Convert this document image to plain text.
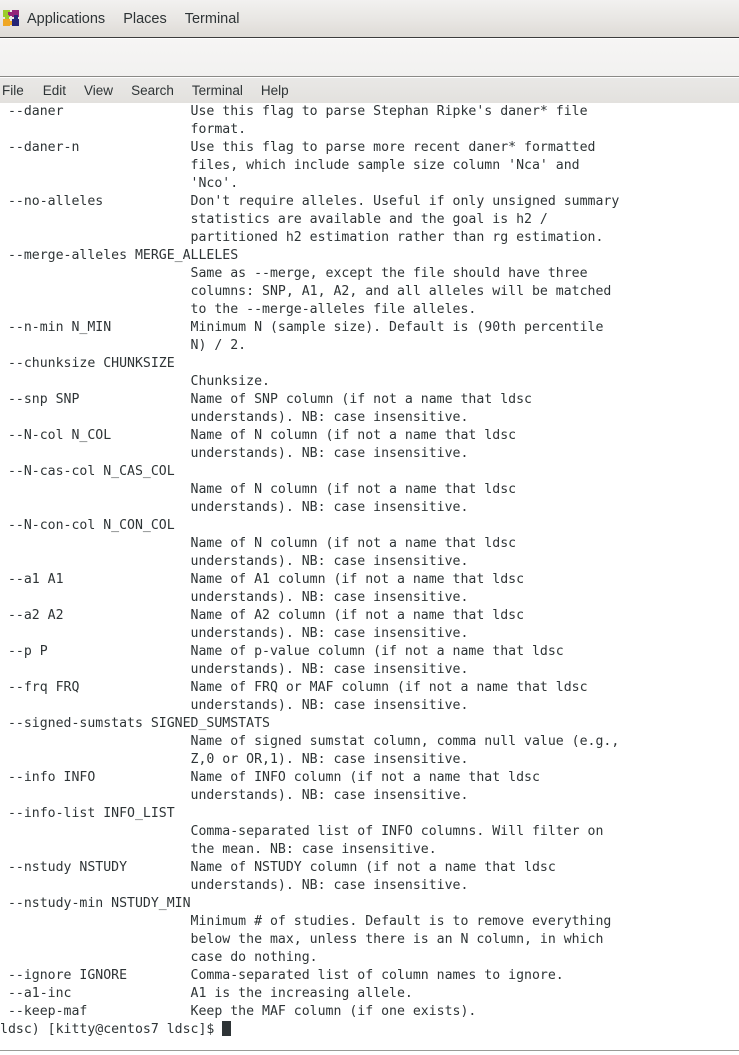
Applications Places Terminal
File	Edit	View	Search	Terminal	Help
--daner                Use this flag to parse Stephan Ripke's daner* file
format.
--daner-n              Use this flag to parse more recent daner* formatted
files, which include sample size column 'Nca' and
'Nco'.
--no-alleles           Don't require alleles. Useful if only unsigned summary
statistics are available and the goal is h2 /
partitioned h2 estimation rather than rg estimation.
--merge-alleles MERGE_ALLELES
Same as --merge, except the file should have three
columns: SNP, A1, A2, and all alleles will be matched
to the --merge-alleles file alleles.
--n-min N_MIN          Minimum N (sample size). Default is (90th percentile
N) / 2.
--chunksize CHUNKSIZE
Chunksize.
--snp SNP              Name of SNP column (if not a name that ldsc
understands). NB: case insensitive.
--N-col N_COL          Name of N column (if not a name that ldsc
understands). NB: case insensitive.
--N-cas-col N_CAS_COL
Name of N column (if not a name that ldsc
understands). NB: case insensitive.
--N-con-col N_CON_COL
Name of N column (if not a name that ldsc
understands). NB: case insensitive.
--a1 A1                Name of A1 column (if not a name that ldsc
understands). NB: case insensitive.
--a2 A2                Name of A2 column (if not a name that ldsc
understands). NB: case insensitive.
--p P                  Name of p-value column (if not a name that ldsc
understands). NB: case insensitive.
--frq FRQ              Name of FRQ or MAF column (if not a name that ldsc
understands). NB: case insensitive.
--signed-sumstats SIGNED_SUMSTATS
Name of signed sumstat column, comma null value (e.g.,
Z,0 or OR,1). NB: case insensitive.
--info INFO            Name of INFO column (if not a name that ldsc
understands). NB: case insensitive.
--info-list INFO_LIST
Comma-separated list of INFO columns. Will filter on
the mean. NB: case insensitive.
--nstudy NSTUDY        Name of NSTUDY column (if not a name that ldsc
understands). NB: case insensitive.
--nstudy-min NSTUDY_MIN
Minimum # of studies. Default is to remove everything
below the max, unless there is an N column, in which
case do nothing.
--ignore IGNORE        Comma-separated list of column names to ignore.
--a1-inc               A1 is the increasing allele.
--keep-maf             Keep the MAF column (if one exists).
ldsc) [kitty@centos7 ldsc]$
